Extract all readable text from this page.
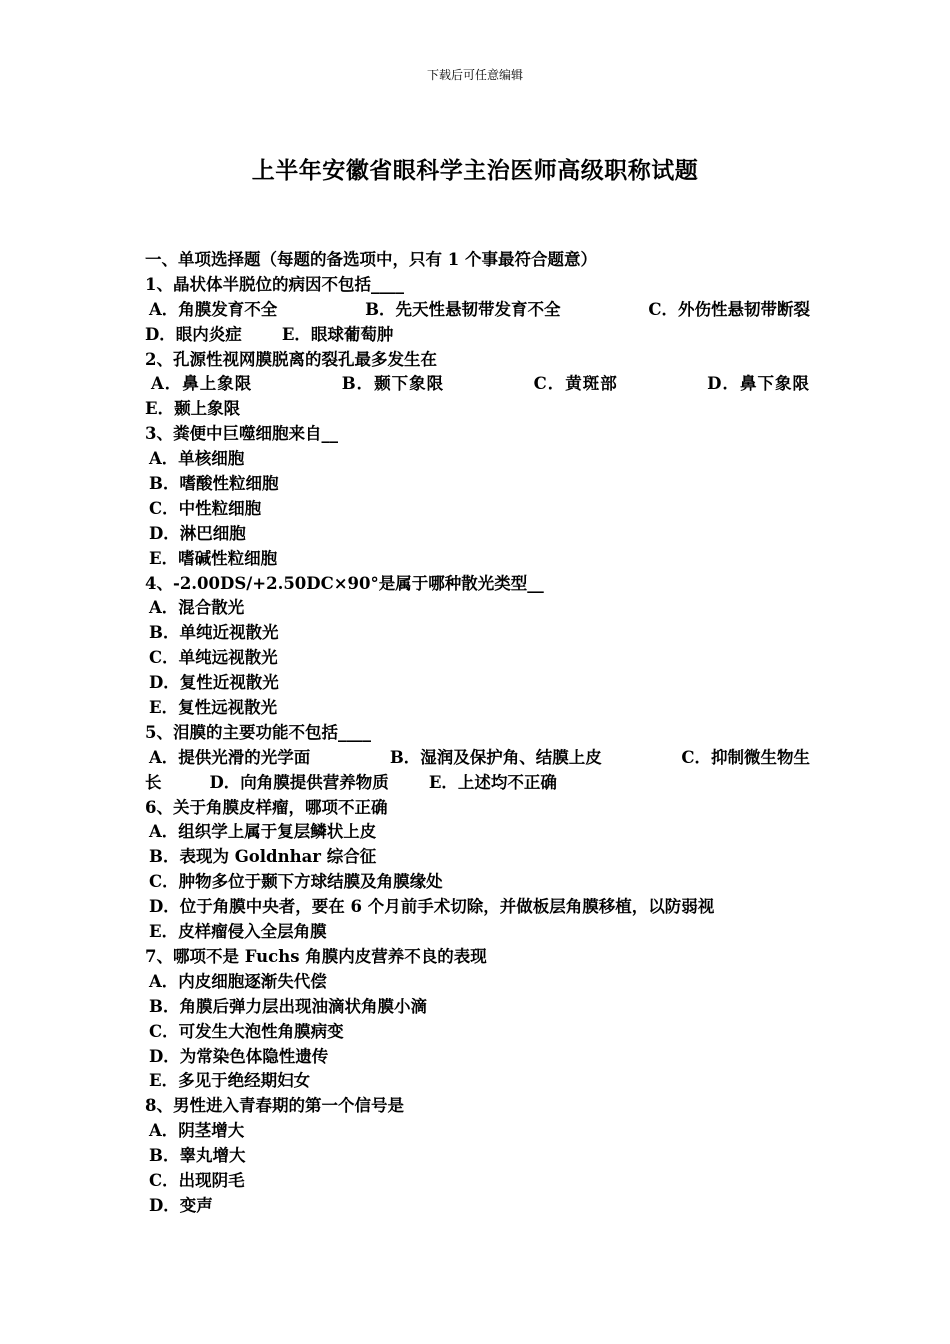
下载后可任意编辑
上半年安徽省眼科学主治医师高级职称试题
一、单项选择题（每题的备选项中，只有 1 个事最符合题意）
1、晶状体半脱位的病因不包括____
A．角膜发育不全	B．先天性悬韧带发育不全	C．外伤性悬韧带断裂
D．眼内炎症 E．眼球葡萄肿
2、孔源性视网膜脱离的裂孔最多发生在
A．鼻上象限	B．颞下象限	C．黄斑部	D．鼻下象限
E．颞上象限
3、粪便中巨噬细胞来自__
A．单核细胞
B．嗜酸性粒细胞
C．中性粒细胞
D．淋巴细胞
E．嗜碱性粒细胞
4、-2.00DS/+2.50DC×90°是属于哪种散光类型__
A．混合散光
B．单纯近视散光
C．单纯远视散光
D．复性近视散光
E．复性远视散光
5、泪膜的主要功能不包括____
A．提供光滑的光学面	B．湿润及保护角、结膜上皮	C．抑制微生物生
长	D．向角膜提供营养物质 E．上述均不正确
6、关于角膜皮样瘤，哪项不正确
A．组织学上属于复层鳞状上皮
B．表现为 Goldnhar 综合征
C．肿物多位于颞下方球结膜及角膜缘处
D．位于角膜中央者，要在 6 个月前手术切除，并做板层角膜移植，以防弱视
E．皮样瘤侵入全层角膜
7、哪项不是 Fuchs 角膜内皮营养不良的表现
A．内皮细胞逐渐失代偿
B．角膜后弹力层出现油滴状角膜小滴
C．可发生大泡性角膜病变
D．为常染色体隐性遗传
E．多见于绝经期妇女
8、男性进入青春期的第一个信号是
A．阴茎增大
B．睾丸增大
C．出现阴毛
D．变声
